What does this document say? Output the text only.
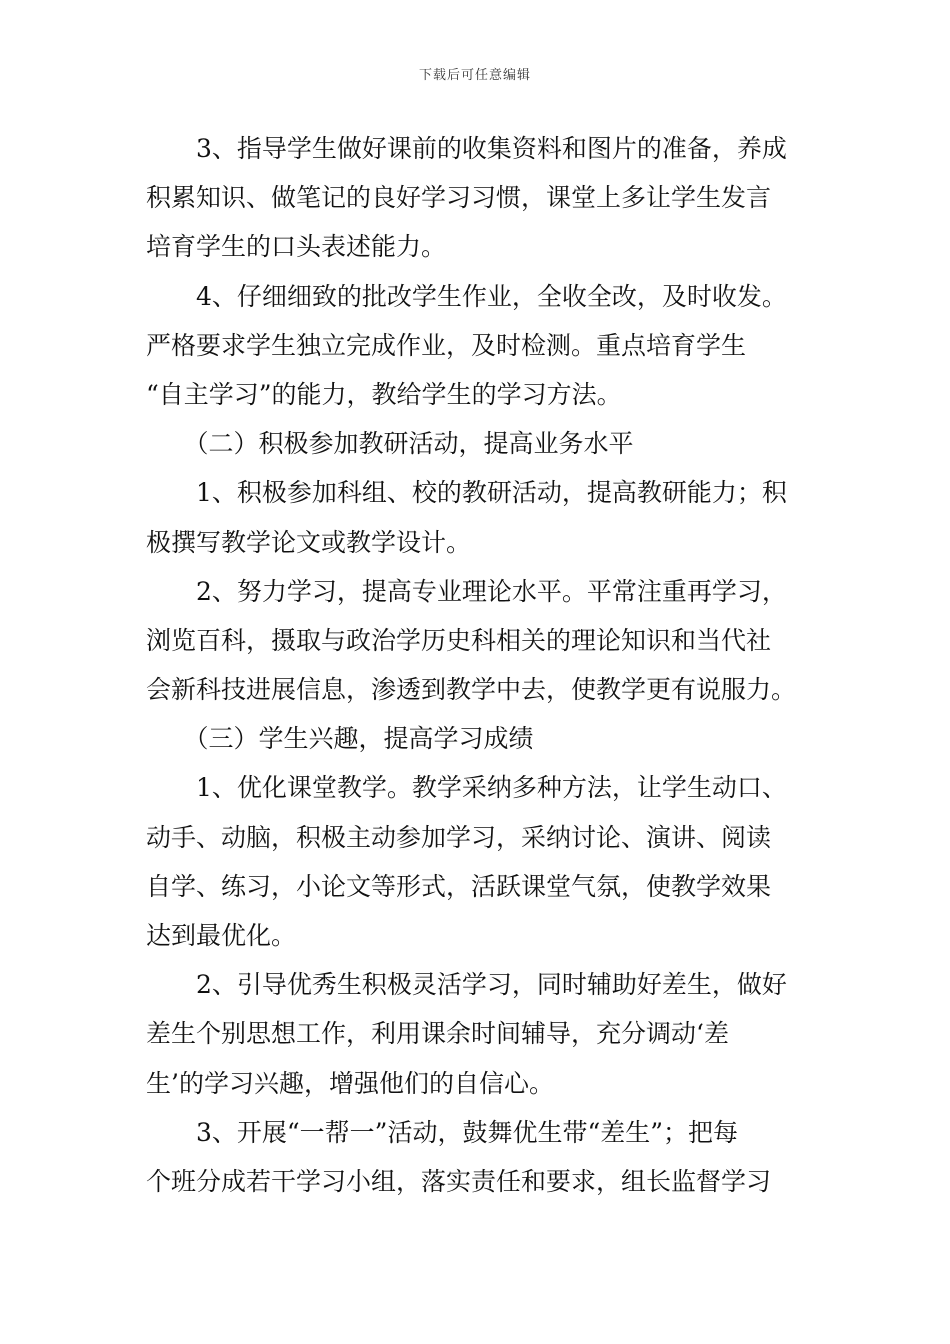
下载后可任意编辑
　　3、指导学生做好课前的收集资料和图片的准备，养成
积累知识、做笔记的良好学习习惯，课堂上多让学生发言
培育学生的口头表述能力。
　　4、仔细细致的批改学生作业，全收全改，及时收发。
严格要求学生独立完成作业，及时检测。重点培育学生
“自主学习”的能力，教给学生的学习方法。
　　（二）积极参加教研活动，提高业务水平
　　1、积极参加科组、校的教研活动，提高教研能力；积
极撰写教学论文或教学设计。
　　2、努力学习，提高专业理论水平。平常注重再学习，
浏览百科，摄取与政治学历史科相关的理论知识和当代社
会新科技进展信息，渗透到教学中去，使教学更有说服力。
　　（三）学生兴趣，提高学习成绩
　　1、优化课堂教学。教学采纳多种方法，让学生动口、
动手、动脑，积极主动参加学习，采纳讨论、演讲、阅读
自学、练习，小论文等形式，活跃课堂气氛，使教学效果
达到最优化。
　　2、引导优秀生积极灵活学习，同时辅助好差生，做好
差生个别思想工作，利用课余时间辅导，充分调动‘差
生’的学习兴趣，增强他们的自信心。
　　3、开展“一帮一”活动，鼓舞优生带“差生”；把每
个班分成若干学习小组，落实责任和要求，组长监督学习
